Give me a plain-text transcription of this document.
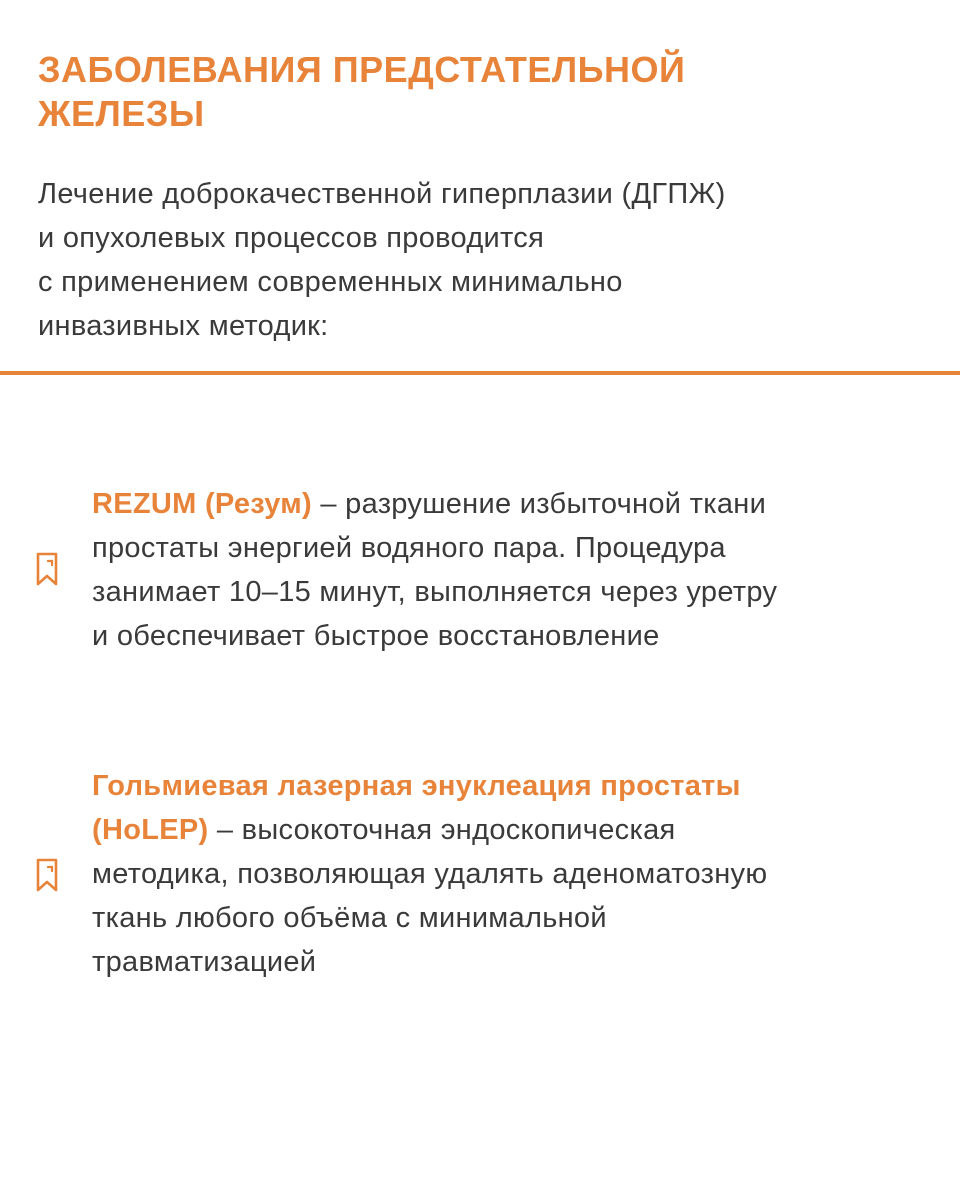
ЗАБОЛЕВАНИЯ ПРЕДСТАТЕЛЬНОЙ
ЖЕЛЕЗЫ

Лечение доброкачественной гиперплазии (ДГПЖ)
и опухолевых процессов проводится
с применением современных минимально
инвазивных методик:

REZUM (Резум) – разрушение избыточной ткани
простаты энергией водяного пара. Процедура
занимает 10–15 минут, выполняется через уретру
и обеспечивает быстрое восстановление
Гольмиевая лазерная энуклеация простаты
(HoLEP) – высокоточная эндоскопическая
методика, позволяющая удалять аденоматозную
ткань любого объёма с минимальной
травматизацией
